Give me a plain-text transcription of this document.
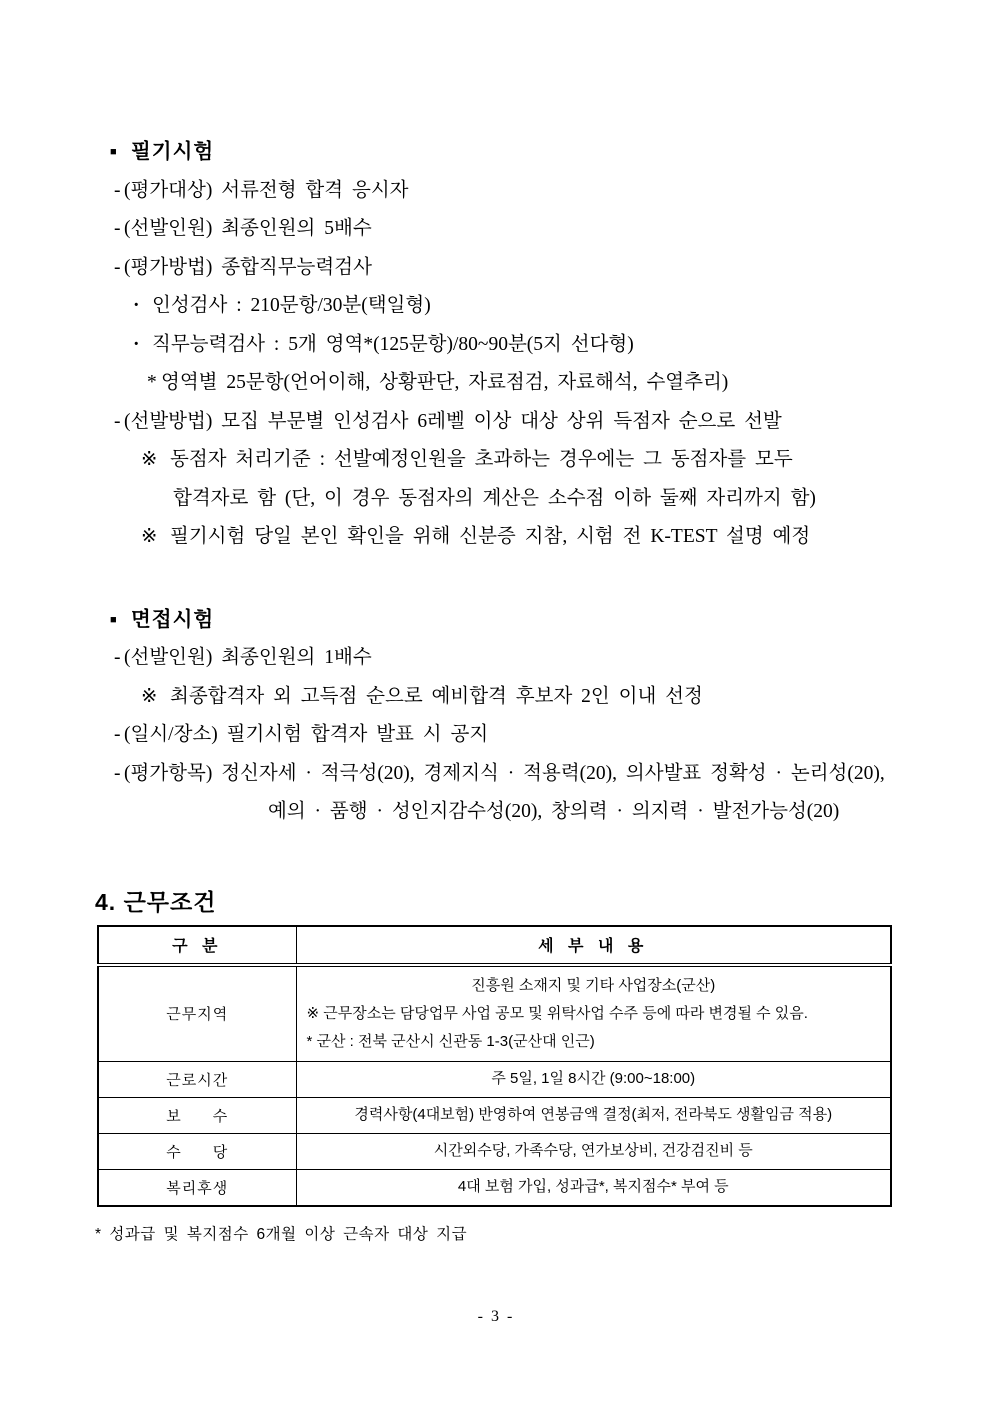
■ 필기시험
- (평가대상) 서류전형 합격 응시자
- (선발인원) 최종인원의 5배수
- (평가방법) 종합직무능력검사
· 인성검사 : 210문항/30분(택일형)
· 직무능력검사 : 5개 영역*(125문항)/80~90분(5지 선다형)
* 영역별 25문항(언어이해, 상황판단, 자료점검, 자료해석, 수열추리)
- (선발방법) 모집 부문별 인성검사 6레벨 이상 대상 상위 득점자 순으로 선발
※ 동점자 처리기준 : 선발예정인원을 초과하는 경우에는 그 동점자를 모두
합격자로 함 (단, 이 경우 동점자의 계산은 소수점 이하 둘째 자리까지 함)
※ 필기시험 당일 본인 확인을 위해 신분증 지참, 시험 전 K-TEST 설명 예정
■ 면접시험
- (선발인원) 최종인원의 1배수
※ 최종합격자 외 고득점 순으로 예비합격 후보자 2인 이내 선정
- (일시/장소) 필기시험 합격자 발표 시 공지
- (평가항목) 정신자세 · 적극성(20), 경제지식 · 적용력(20), 의사발표 정확성 · 논리성(20),
예의 · 품행 · 성인지감수성(20), 창의력 · 의지력 · 발전가능성(20)
4. 근무조건
구 분	세 부 내 용
근무지역	진흥원 소재지 및 기타 사업장소(군산)
※ 근무장소는 담당업무 사업 공모 및 위탁사업 수주 등에 따라 변경될 수 있음.
* 군산 : 전북 군산시 신관동 1-3(군산대 인근)

근로시간	주 5일, 1일 8시간 (9:00~18:00)

보      수	경력사항(4대보험) 반영하여 연봉금액 결정(최저, 전라북도 생활임금 적용)

수      당	시간외수당, 가족수당, 연가보상비, 건강검진비 등

복리후생	4대 보험 가입, 성과급*, 복지점수* 부여 등
* 성과급 및 복지점수 6개월 이상 근속자 대상 지급
- 3 -
